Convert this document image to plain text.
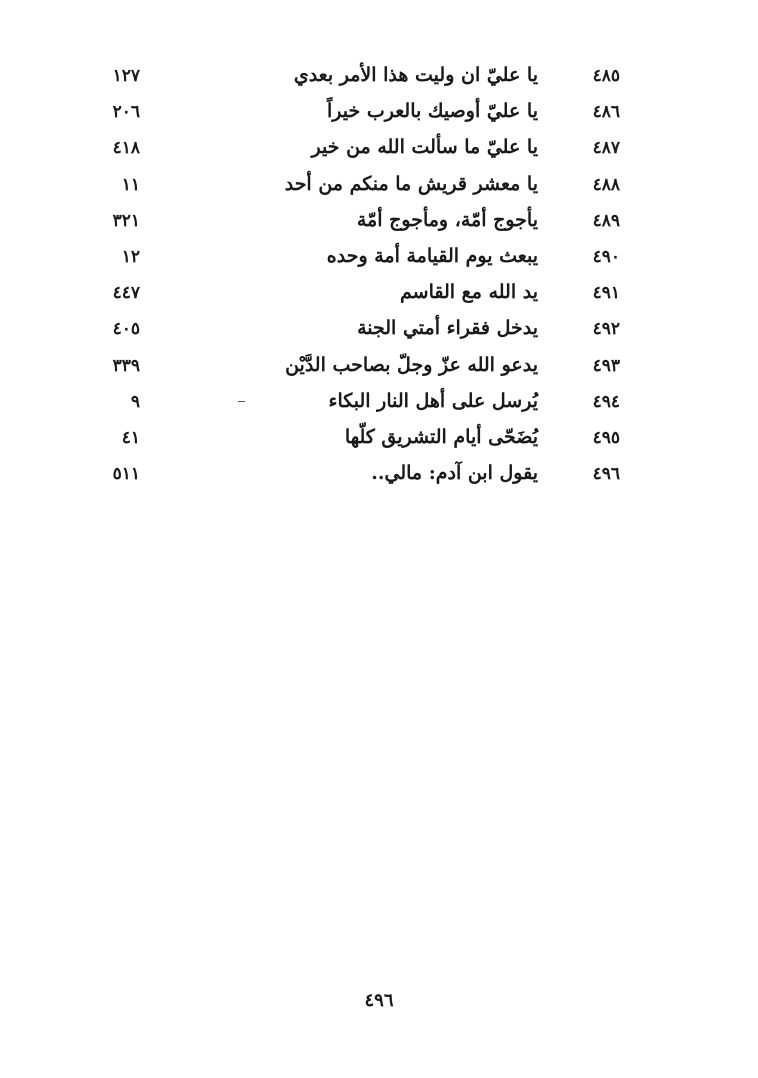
٤٨٥
يا عليّ ان وليت هذا الأمر بعدي
١٢٧
٤٨٦
يا عليّ أوصيك بالعرب خيراً
٢٠٦
٤٨٧
يا عليّ ما سألت الله من خير
٤١٨
٤٨٨
يا معشر قريش ما منكم من أحد
١١
٤٨٩
يأجوج أمّة، ومأجوج أمّة
٣٢١
٤٩٠
يبعث يوم القيامة أمة وحده
١٢
٤٩١
يد الله مع القاسم
٤٤٧
٤٩٢
يدخل فقراء أمتي الجنة
٤٠٥
٤٩٣
يدعو الله عزّ وجلّ بصاحب الدَّيْن
٣٣٩
٤٩٤
يُرسل على أهل النار البكاء
٩
٤٩٥
يُضَحّى أيام التشريق كلّها
٤١
٤٩٦
يقول ابن آدم: مالي..
٥١١
٤٩٦
